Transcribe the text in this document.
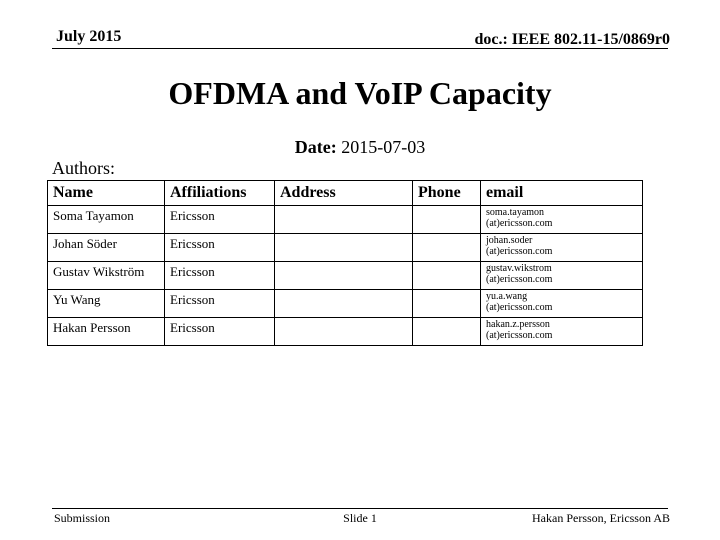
July 2015	doc.: IEEE 802.11-15/0869r0
OFDMA and VoIP Capacity
Date: 2015-07-03
Authors:
Name	Affiliations	Address	Phone	email
Soma Tayamon	Ericsson			soma.tayamon
(at)ericsson.com
Johan Söder	Ericsson			johan.soder
(at)ericsson.com
Gustav Wikström	Ericsson			gustav.wikstrom
(at)ericsson.com
Yu Wang	Ericsson			yu.a.wang
(at)ericsson.com
Hakan Persson	Ericsson			hakan.z.persson
(at)ericsson.com
Submission	Slide 1	Hakan Persson, Ericsson AB
